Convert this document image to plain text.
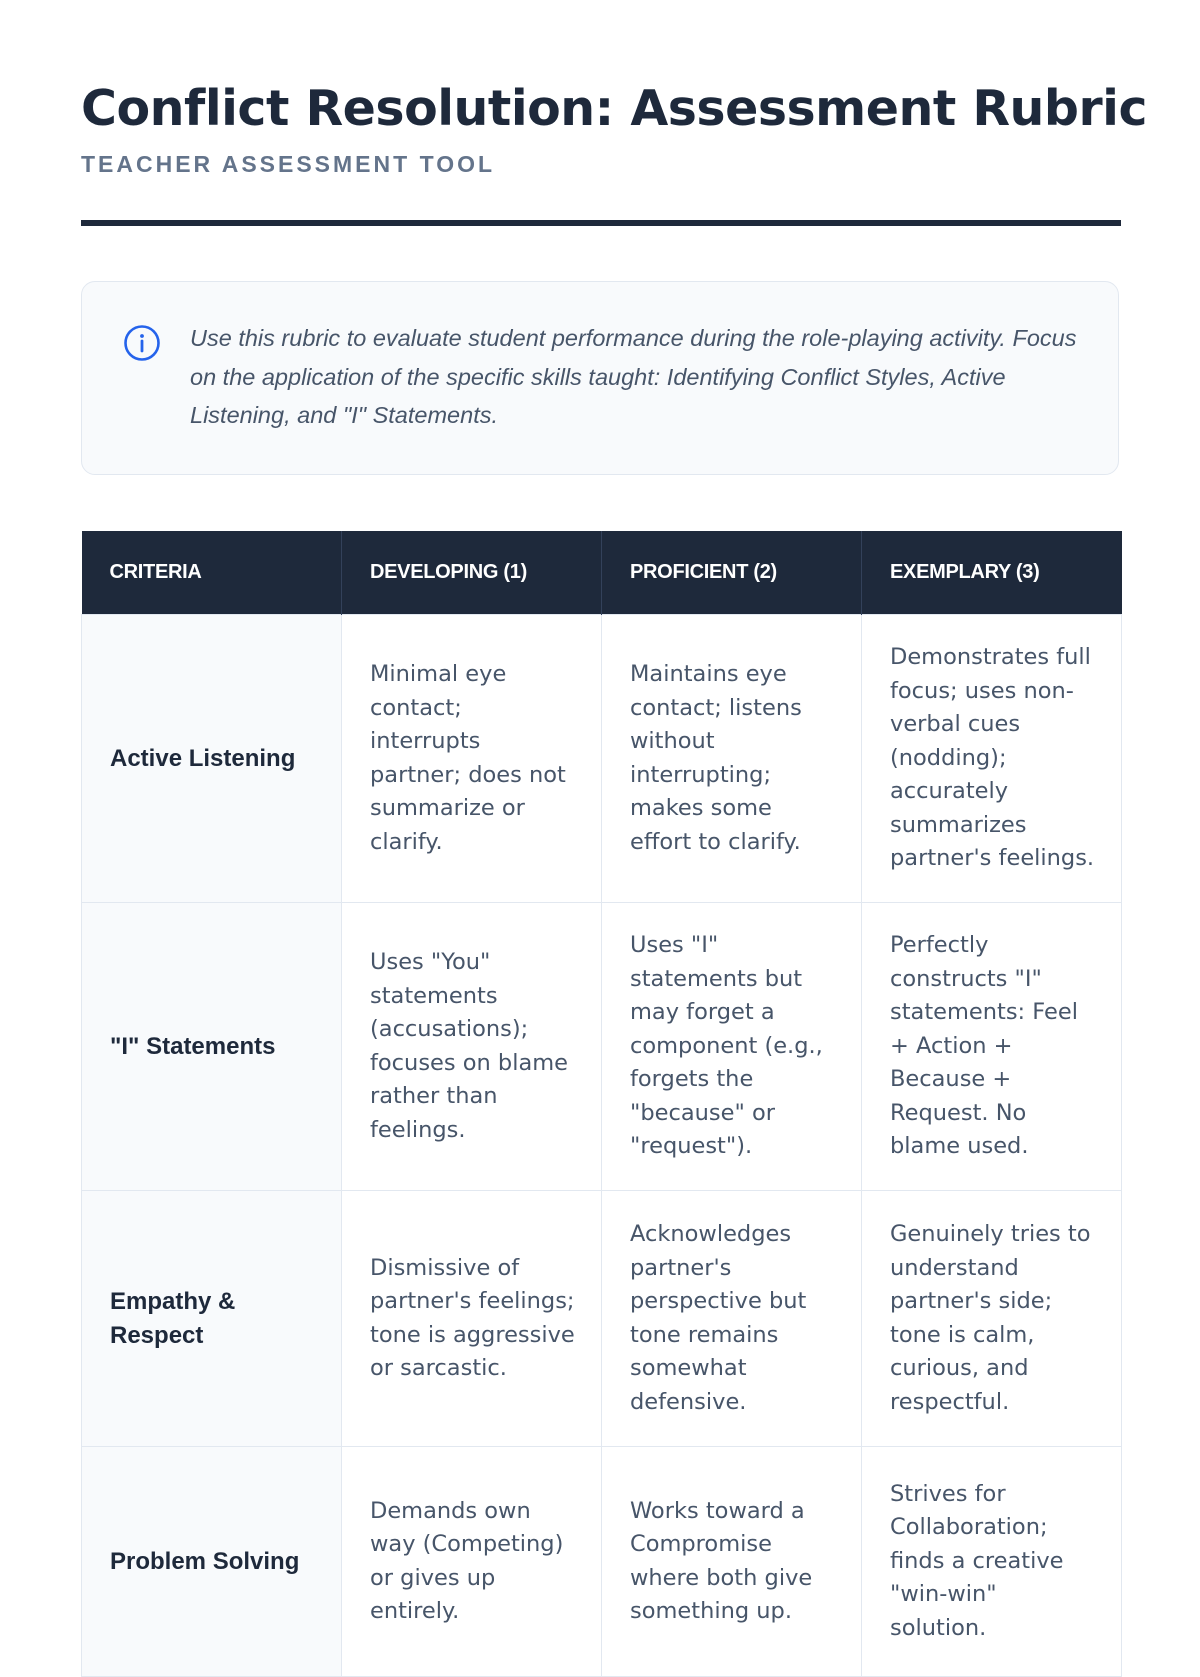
Conflict Resolution: Assessment Rubric
TEACHER ASSESSMENT TOOL

Use this rubric to evaluate student performance during the role-playing activity. Focus on the application of the specific skills taught: Identifying Conflict Styles, Active Listening, and "I" Statements.

CRITERIA	DEVELOPING (1)	PROFICIENT (2)	EXEMPLARY (3)
Active Listening	Minimal eye contact; interrupts partner; does not summarize or clarify.	Maintains eye contact; listens without interrupting; makes some effort to clarify.	Demonstrates full focus; uses non-verbal cues (nodding); accurately summarizes partner's feelings.
"I" Statements	Uses "You" statements (accusations); focuses on blame rather than feelings.	Uses "I" statements but may forget a component (e.g., forgets the "because" or "request").	Perfectly constructs "I" statements: Feel + Action + Because + Request. No blame used.
Empathy & Respect	Dismissive of partner's feelings; tone is aggressive or sarcastic.	Acknowledges partner's perspective but tone remains somewhat defensive.	Genuinely tries to understand partner's side; tone is calm, curious, and respectful.
Problem Solving	Demands own way (Competing) or gives up entirely.	Works toward a Compromise where both give something up.	Strives for Collaboration; finds a creative "win-win" solution.
